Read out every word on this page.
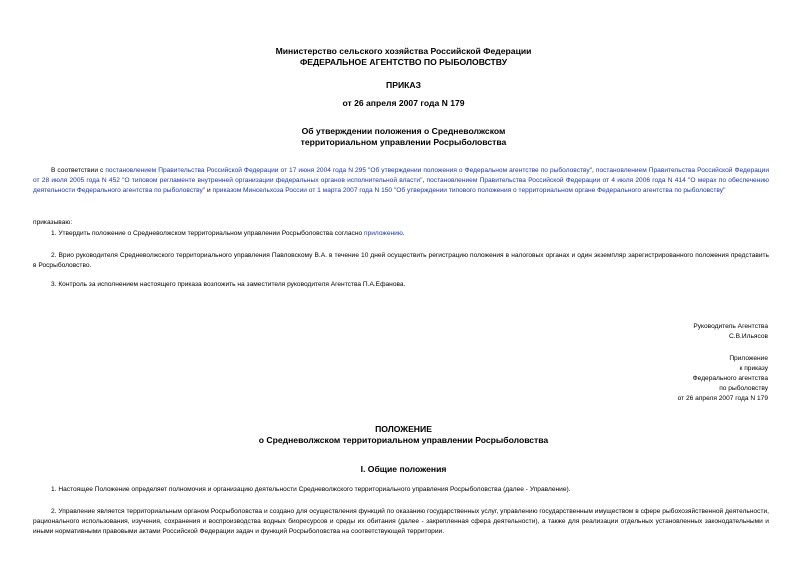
Министерство сельского хозяйства Российской Федерации
ФЕДЕРАЛЬНОЕ АГЕНТСТВО ПО РЫБОЛОВСТВУ
ПРИКАЗ
от 26 апреля 2007 года N 179
Об утверждении положения о Средневолжском
территориальном управлении Росрыболовства
В соответствии с постановлением Правительства Российской Федерации от 17 июня 2004 года N 295 "Об утверждении положения о Федеральном агентстве по рыболовству", постановлением Правительства Российской Федерации от 28 июля 2005 года N 452 "О типовом регламенте внутренней организации федеральных органов исполнительной власти", постановлением Правительства Российской Федерации от 4 июля 2006 года N 414 "О мерах по обеспечению деятельности Федерального агентства по рыболовству" и приказом Минсельхоза России от 1 марта 2007 года N 150 "Об утверждении типового положения о территориальном органе Федерального агентства по рыболовству"
приказываю:
1. Утвердить положение о Средневолжском территориальном управлении Росрыболовства согласно приложению.
2. Врио руководителя Средневолжского территориального управления Павловскому В.А. в течение 10 дней осуществить регистрацию положения в налоговых органах и один экземпляр зарегистрированного положения представить в Росрыболовство.
3. Контроль за исполнением настоящего приказа возложить на заместителя руководителя Агентства П.А.Ефанова.
Руководитель Агентства
С.В.Ильясов
Приложение
к приказу
Федерального агентства
по рыболовству
от 26 апреля 2007 года N 179
ПОЛОЖЕНИЕ
о Средневолжском территориальном управлении Росрыболовства
I. Общие положения
1. Настоящее Положение определяет полномочия и организацию деятельности Средневолжского территориального управления Росрыболовства (далее - Управление).
2. Управление является территориальным органом Росрыболовства и создано для осуществления функций по оказанию государственных услуг, управлению государственным имуществом в сфере рыбохозяйственной деятельности, рационального использования, изучения, сохранения и воспроизводства водных биоресурсов и среды их обитания (далее - закрепленная сфера деятельности), а также для реализации отдельных установленных законодательными и иными нормативными правовыми актами Российской Федерации задач и функций Росрыболовства на соответствующей территории.
